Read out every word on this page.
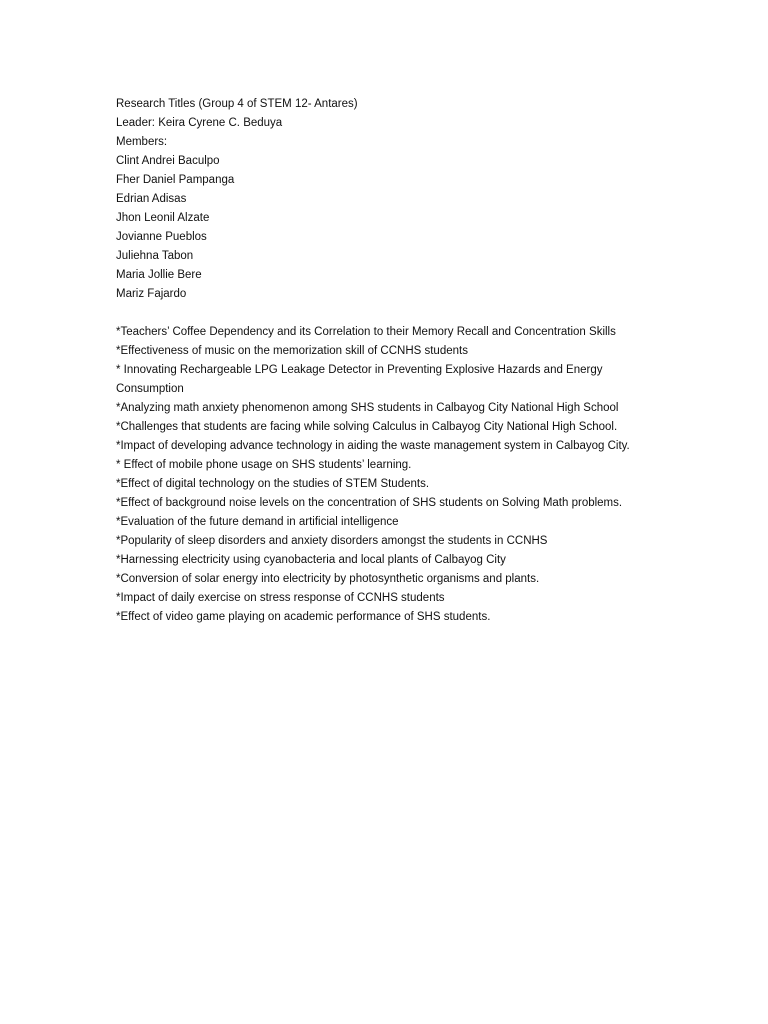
Research Titles (Group 4 of STEM 12- Antares)
Leader: Keira Cyrene C. Beduya
Members:
Clint Andrei Baculpo
Fher Daniel Pampanga
Edrian Adisas
Jhon Leonil Alzate
Jovianne Pueblos
Juliehna Tabon
Maria Jollie Bere
Mariz Fajardo
*Teachers’ Coffee Dependency and its Correlation to their Memory Recall and Concentration Skills
*Effectiveness of music on the memorization skill of CCNHS students
* Innovating Rechargeable LPG Leakage Detector in Preventing Explosive Hazards and Energy Consumption
*Analyzing math anxiety phenomenon among SHS students in Calbayog City National High School
*Challenges that students are facing while solving Calculus in Calbayog City National High School.
*Impact of developing advance technology in aiding the waste management system in Calbayog City.
* Effect of mobile phone usage on SHS students’ learning.
*Effect of digital technology on the studies of STEM Students.
*Effect of background noise levels on the concentration of SHS students on Solving Math problems.
*Evaluation of the future demand in artificial intelligence
*Popularity of sleep disorders and anxiety disorders amongst the students in CCNHS
*Harnessing electricity using cyanobacteria and local plants of Calbayog City
*Conversion of solar energy into electricity by photosynthetic organisms and plants.
*Impact of daily exercise on stress response of CCNHS students
*Effect of video game playing on academic performance of SHS students.
